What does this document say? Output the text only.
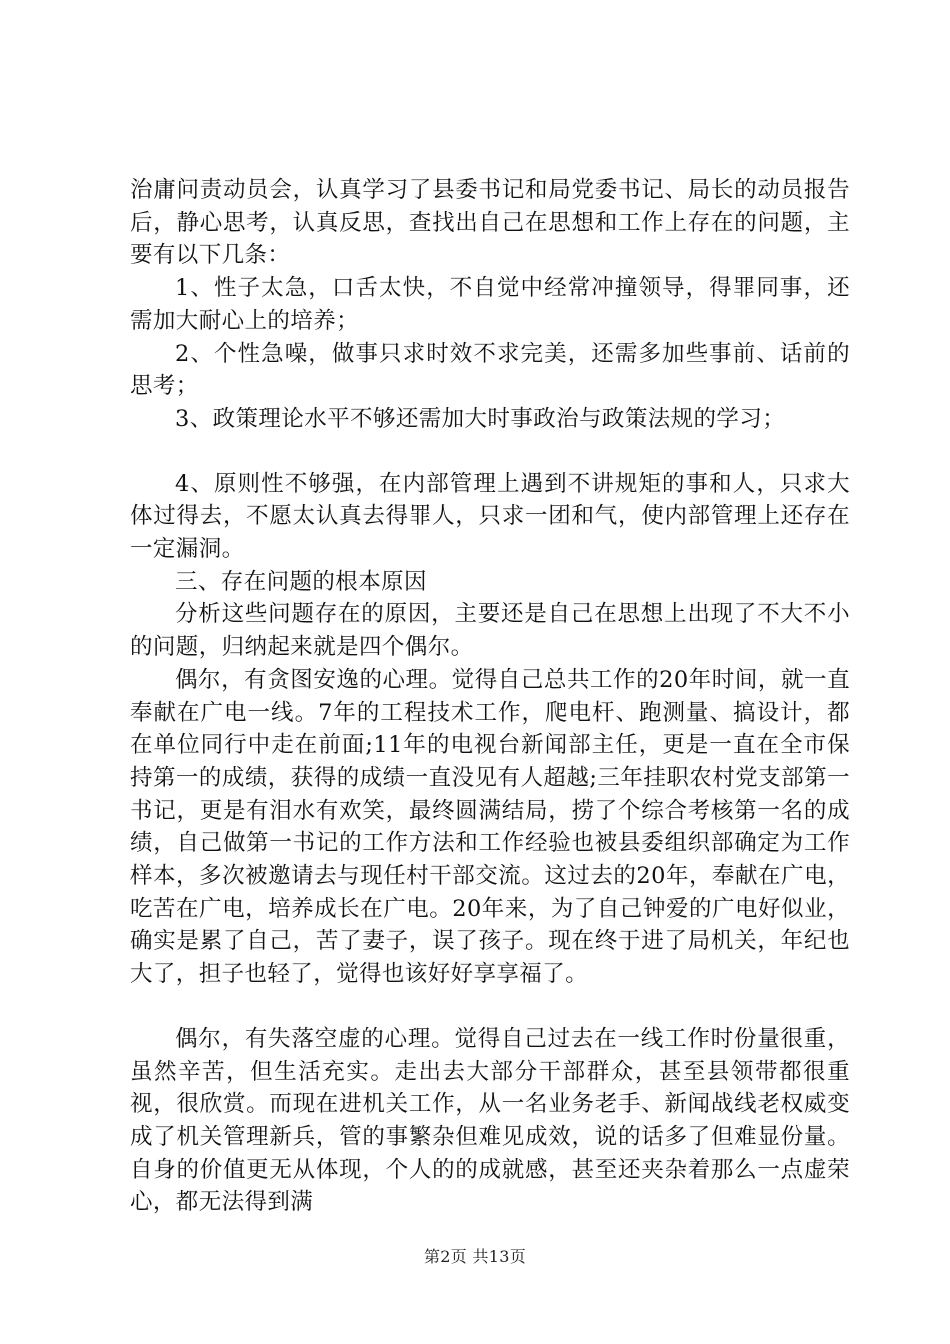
治庸问责动员会，认真学习了县委书记和局党委书记、局长的动员报告后，静心思考，认真反思，查找出自己在思想和工作上存在的问题，主要有以下几条：

1、性子太急，口舌太快，不自觉中经常冲撞领导，得罪同事，还需加大耐心上的培养；

2、个性急噪，做事只求时效不求完美，还需多加些事前、话前的思考；

3、政策理论水平不够还需加大时事政治与政策法规的学习；

4、原则性不够强，在内部管理上遇到不讲规矩的事和人，只求大体过得去，不愿太认真去得罪人，只求一团和气，使内部管理上还存在一定漏洞。

三、存在问题的根本原因

分析这些问题存在的原因，主要还是自己在思想上出现了不大不小的问题，归纳起来就是四个偶尔。

偶尔，有贪图安逸的心理。觉得自己总共工作的20年时间，就一直奉献在广电一线。7年的工程技术工作，爬电杆、跑测量、搞设计，都在单位同行中走在前面;11年的电视台新闻部主任，更是一直在全市保持第一的成绩，获得的成绩一直没见有人超越;三年挂职农村党支部第一书记，更是有泪水有欢笑，最终圆满结局，捞了个综合考核第一名的成绩，自己做第一书记的工作方法和工作经验也被县委组织部确定为工作样本，多次被邀请去与现任村干部交流。这过去的20年，奉献在广电，吃苦在广电，培养成长在广电。20年来，为了自己钟爱的广电好似业，确实是累了自己，苦了妻子，误了孩子。现在终于进了局机关，年纪也大了，担子也轻了，觉得也该好好享享福了。

偶尔，有失落空虚的心理。觉得自己过去在一线工作时份量很重，虽然辛苦，但生活充实。走出去大部分干部群众，甚至县领带都很重视，很欣赏。而现在进机关工作，从一名业务老手、新闻战线老权威变成了机关管理新兵，管的事繁杂但难见成效，说的话多了但难显份量。自身的价值更无从体现，个人的的成就感，甚至还夹杂着那么一点虚荣心，都无法得到满

第2页 共13页
